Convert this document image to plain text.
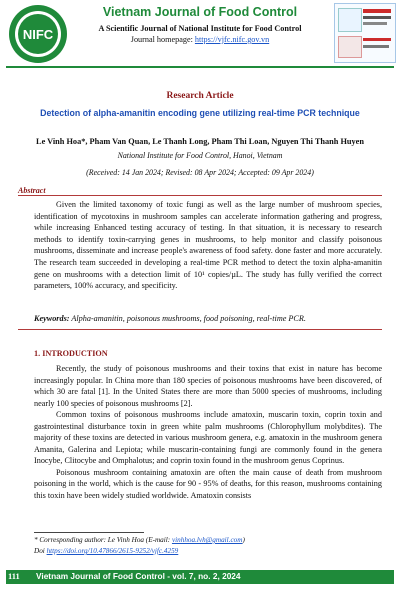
NIFC
Vietnam Journal of Food Control
A Scientific Journal of National Institute for Food Control
Journal homepage: https://vjfc.nifc.gov.vn
Research Article
Detection of alpha-amanitin encoding gene utilizing real-time PCR technique
Le Vinh Hoa*, Pham Van Quan, Le Thanh Long, Pham Thi Loan, Nguyen Thi Thanh Huyen
National Institute for Food Control, Hanoi, Vietnam
(Received: 14 Jan 2024; Revised: 08 Apr 2024; Accepted: 09 Apr 2024)
Abstract

Given the limited taxonomy of toxic fungi as well as the large number of mushroom species, identification of mycotoxins in mushroom samples can accelerate information gathering and progress, while increasing Enhanced testing accuracy of testing. In that situation, it is necessary to research methods to identify toxin-carrying genes in mushrooms, to help monitor and classify poisonous mushrooms, disseminate and increase people's awareness of food safety. done faster and more accurately. The research team succeeded in developing a real-time PCR method to detect the toxin alpha-amanitin gene on mushrooms with a detection limit of 10¹ copies/µL. The study has fully verified the correct parameters, 100% accuracy, and specificity.

Keywords: Alpha-amanitin, poisonous mushrooms, food poisoning, real-time PCR.
1. INTRODUCTION

Recently, the study of poisonous mushrooms and their toxins that exist in nature has become increasingly popular. In China more than 180 species of poisonous mushrooms have been discovered, of which 30 are fatal [1]. In the United States there are more than 5000 species of mushrooms, including nearly 100 species of poisonous mushrooms [2].

Common toxins of poisonous mushrooms include amatoxin, muscarin toxin, coprin toxin and gastrointestinal disturbance toxin in green white palm mushrooms (Chlorophyllum molybdites). The majority of these toxins are detected in various mushroom genera, e.g. amatoxin in the mushroom genera Amanita, Galerina and Lepiota; while muscarin-containing fungi are commonly found in the genera Inocybe, Clitocybe and Omphalotus; and coprin toxin found in the mushroom genus Coprinus.

Poisonous mushroom containing amatoxin are often the main cause of death from mushroom poisoning in the world, which is the cause for 90 - 95% of deaths, for this reason, mushrooms containing this toxin have been widely studied worldwide. Amatoxin consists

* Corresponding author: Le Vinh Hoa (E-mail: vinhhoa.lvh@gmail.com)
Doi https://doi.org/10.47866/2615-9252/vjfc.4259
111 Vietnam Journal of Food Control - vol. 7, no. 2, 2024
